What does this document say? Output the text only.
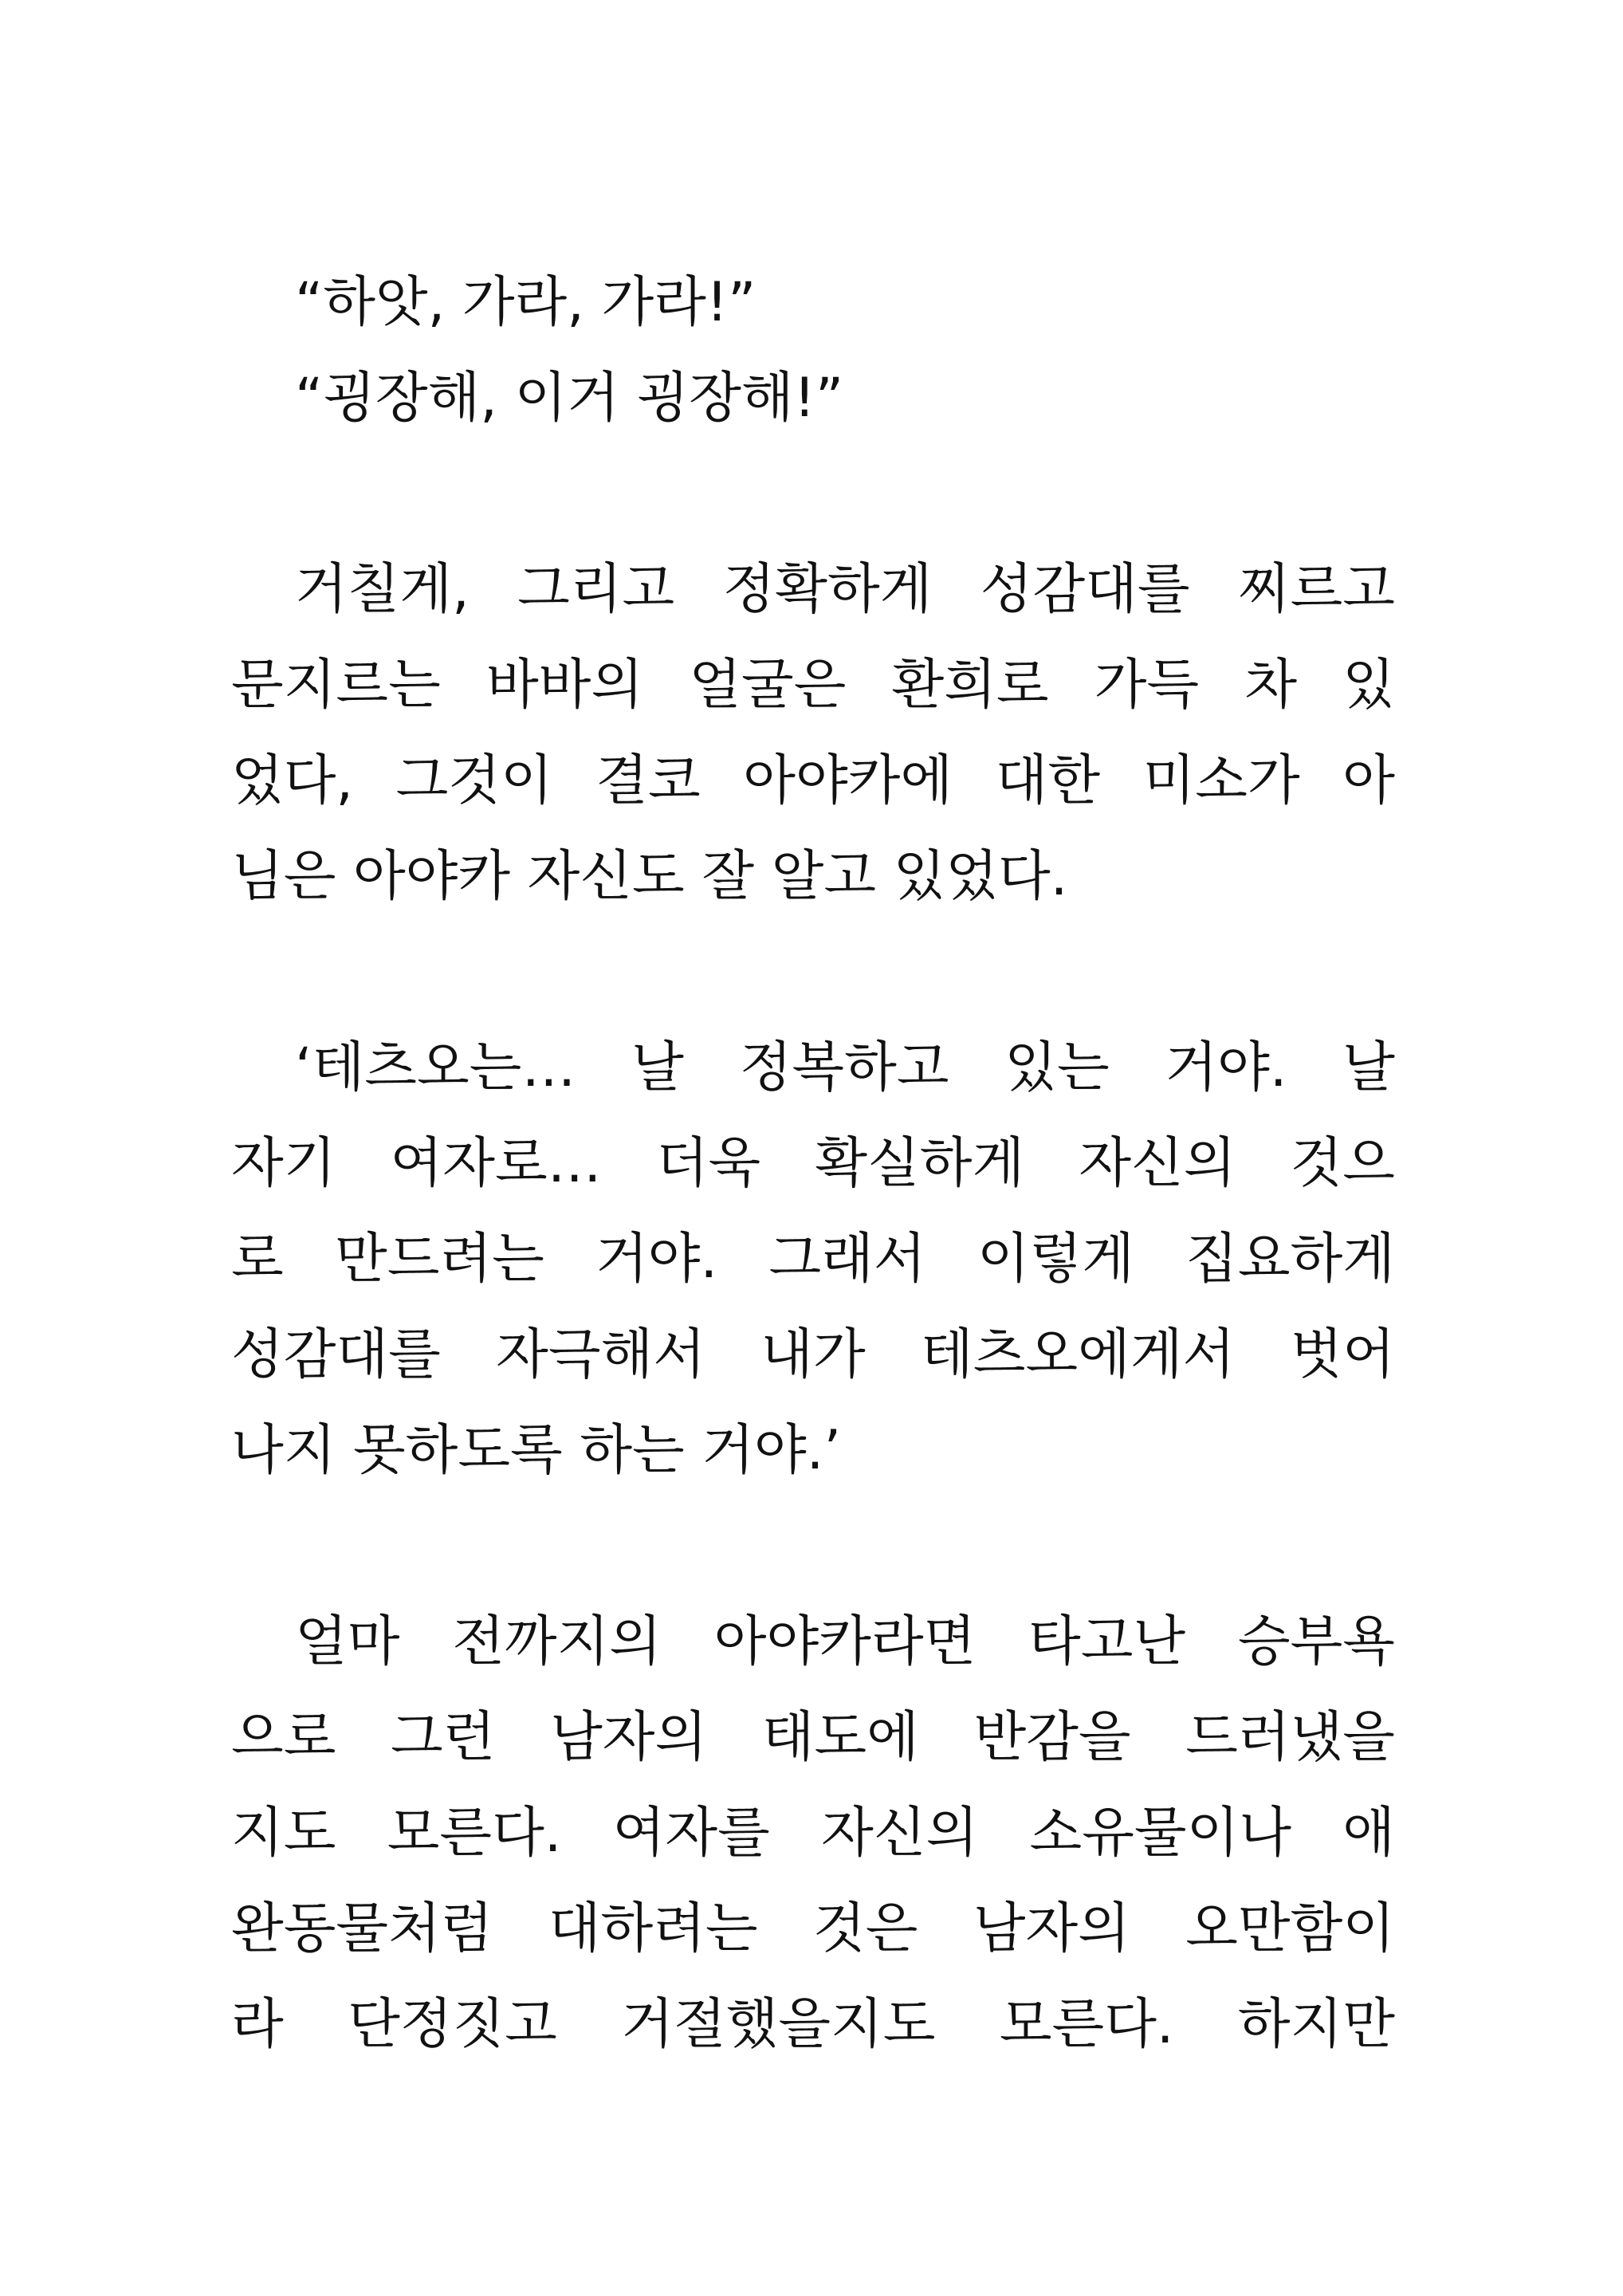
“하앗, 가라, 가라!”
“굉장해, 이거 굉장해!”
거칠게, 그리고 정확하게 성감대를 찌르고
문지르는 바바의 얼굴은 환희로 가득 차 있
었다, 그것이 결코 아야카에 대한 미소가 아
님은 아야카 자신도 잘 알고 있었다.
‘테츠오는… 날 정복하고 있는 거야. 날
자기 여자로… 더욱 확실하게 자신의 것으
로 만드려는 거야. 그래서 이렇게 집요하게
성감대를 자극해서 내가 테츠오에게서 벗어
나지 못하도록 하는 거야.’
얼마 전까지의 아야카라면 타고난 승부욕
으로 그런 남자의 태도에 반감을 드러냈을
지도 모른다. 여자를 자신의 소유물이나 애
완동물처럼 대하려는 것은 남자의 오만함이
라 단정짓고 거절했을지도 모른다. 하지만
